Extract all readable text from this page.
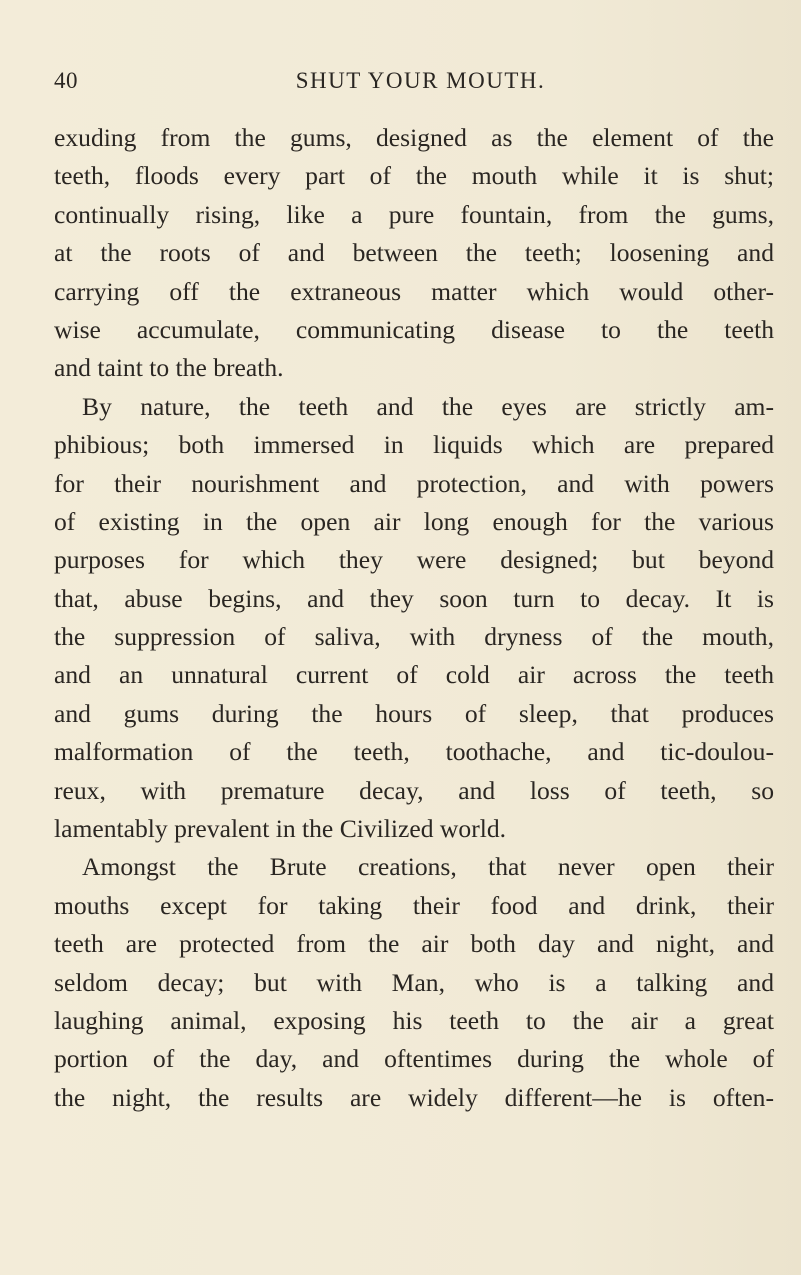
40	SHUT YOUR MOUTH.
exuding from the gums, designed as the element of the
teeth, floods every part of the mouth while it is shut;
continually rising, like a pure fountain, from the gums,
at the roots of and between the teeth; loosening and
carrying off the extraneous matter which would other-
wise accumulate, communicating disease to the teeth
and taint to the breath.
By nature, the teeth and the eyes are strictly am-
phibious; both immersed in liquids which are prepared
for their nourishment and protection, and with powers
of existing in the open air long enough for the various
purposes for which they were designed; but beyond
that, abuse begins, and they soon turn to decay. It is
the suppression of saliva, with dryness of the mouth,
and an unnatural current of cold air across the teeth
and gums during the hours of sleep, that produces
malformation of the teeth, toothache, and tic-doulou-
reux, with premature decay, and loss of teeth, so
lamentably prevalent in the Civilized world.
Amongst the Brute creations, that never open their
mouths except for taking their food and drink, their
teeth are protected from the air both day and night, and
seldom decay; but with Man, who is a talking and
laughing animal, exposing his teeth to the air a great
portion of the day, and oftentimes during the whole of
the night, the results are widely different—he is often-
